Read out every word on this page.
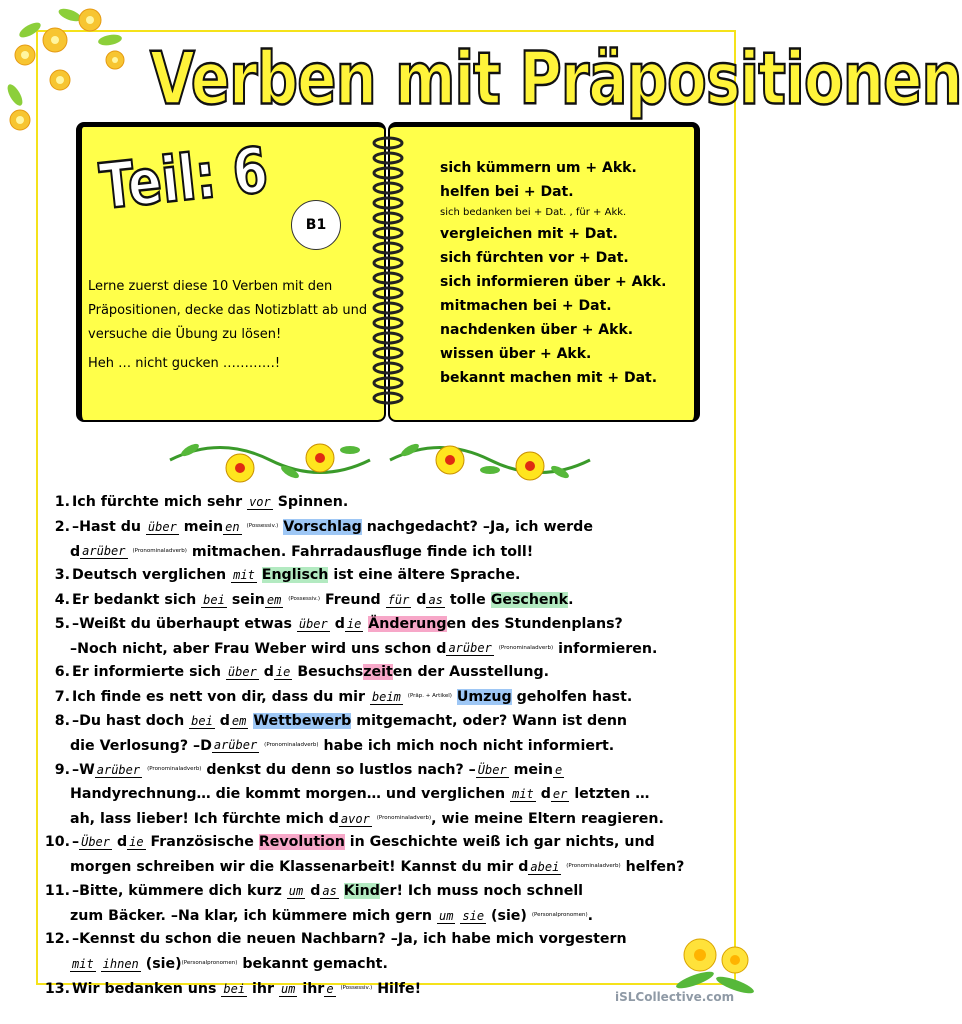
Verben mit Präpositionen
Teil: 6
B1
Lerne zuerst diese 10 Verben mit den Präpositionen, decke das Notizblatt ab und versuche die Übung zu lösen!
Heh … nicht gucken …………!
sich kümmern um + Akk.
helfen bei + Dat.
sich bedanken bei + Dat. , für + Akk.
vergleichen mit + Dat.
sich fürchten vor + Dat.
sich informieren über + Akk.
mitmachen bei + Dat.
nachdenken über + Akk.
wissen über + Akk.
bekannt machen mit + Dat.
1. Ich fürchte mich sehr vor Spinnen.
2. –Hast du über mein en (Possessiv.) Vorschlag nachgedacht? –Ja, ich werde
d arüber (Pronominaladverb) mitmachen. Fahrradausfluge finde ich toll!
3. Deutsch verglichen mit Englisch ist eine ältere Sprache.
4. Er bedankt sich bei sein em (Possessiv.) Freund für d as tolle Geschenk.
5. –Weißt du überhaupt etwas über d ie Änderungen des Stundenplans?
–Noch nicht, aber Frau Weber wird uns schon d arüber (Pronominaladverb) informieren.
6. Er informierte sich über d ie Besuchszeiten der Ausstellung.
7. Ich finde es nett von dir, dass du mir beim (Präp. + Artikel) Umzug geholfen hast.
8. –Du hast doch bei d em Wettbewerb mitgemacht, oder? Wann ist denn
die Verlosung? –D arüber (Pronominaladverb) habe ich mich noch nicht informiert.
9. –W arüber (Pronominaladverb) denkst du denn so lustlos nach? – Über mein e
Handyrechnung… die kommt morgen… und verglichen mit d er letzten …
ah, lass lieber! Ich fürchte mich d avor (Pronominaladverb), wie meine Eltern reagieren.
10. – Über d ie Französische Revolution in Geschichte weiß ich gar nichts, und
morgen schreiben wir die Klassenarbeit! Kannst du mir d abei (Pronominaladverb) helfen?
11. –Bitte, kümmere dich kurz um d as Kinder! Ich muss noch schnell
zum Bäcker. –Na klar, ich kümmere mich gern um sie (sie) (Personalpronomen).
12. –Kennst du schon die neuen Nachbarn? –Ja, ich habe mich vorgestern
mit ihnen (sie)(Personalpronomen) bekannt gemacht.
13. Wir bedanken uns bei ihr um ihr e (Possessiv.) Hilfe!
iSLCollective.com
